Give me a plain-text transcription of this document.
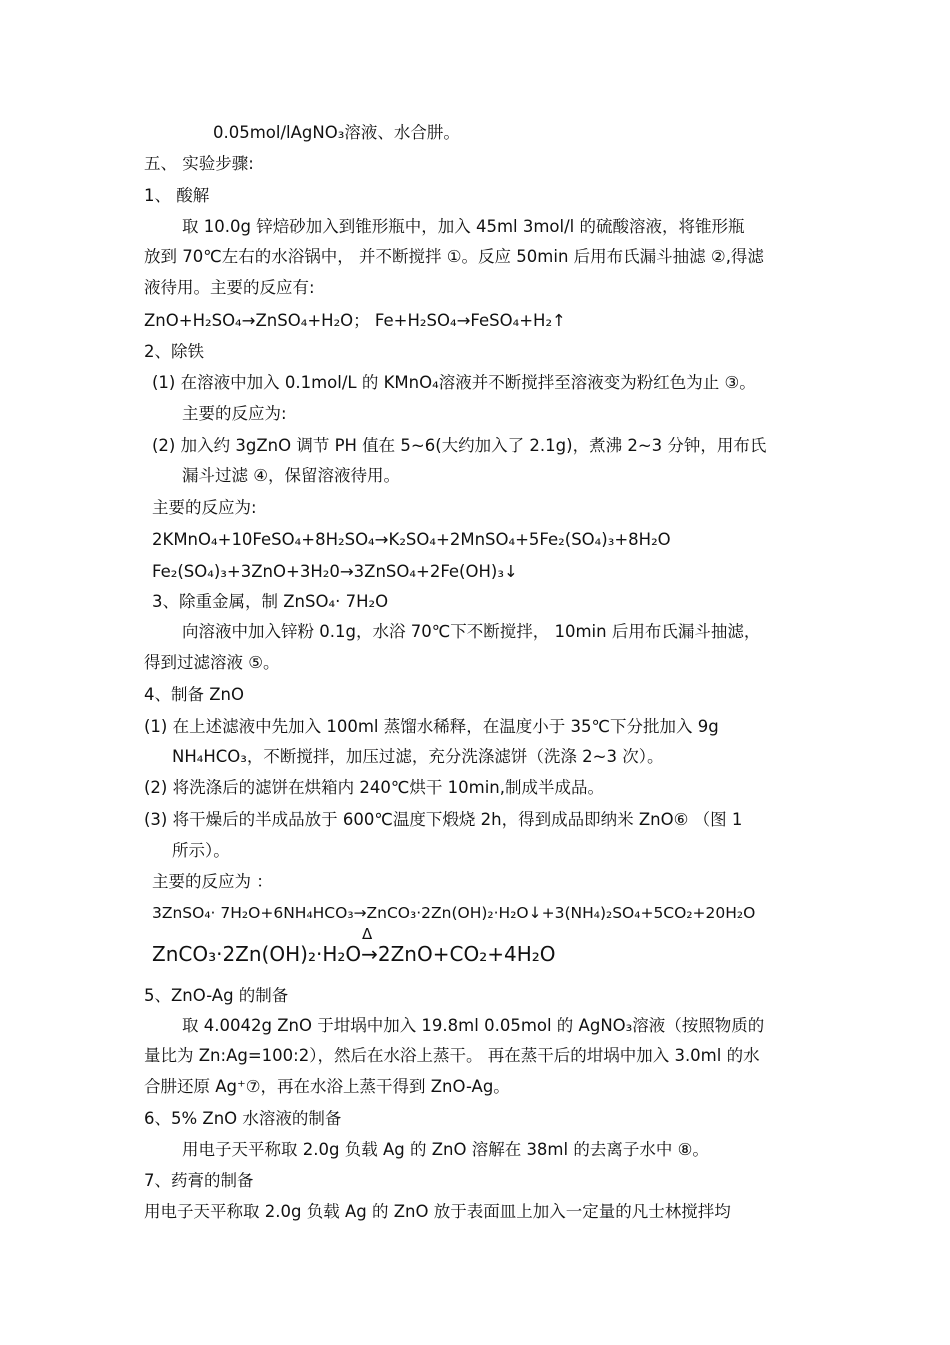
0.05mol/lAgNO₃溶液、水合肼。
五、 实验步骤:
1、 酸解
取 10.0g 锌焙砂加入到锥形瓶中，加入 45ml 3mol/l 的硫酸溶液，将锥形瓶
放到 70℃左右的水浴锅中， 并不断搅拌 ①。反应 50min 后用布氏漏斗抽滤 ②,得滤
液待用。主要的反应有:
ZnO+H₂SO₄→ZnSO₄+H₂O； Fe+H₂SO₄→FeSO₄+H₂↑
2、除铁
(1) 在溶液中加入 0.1mol/L 的 KMnO₄溶液并不断搅拌至溶液变为粉红色为止 ③。
主要的反应为:
(2) 加入约 3gZnO 调节 PH 值在 5~6(大约加入了 2.1g)，煮沸 2~3 分钟，用布氏
漏斗过滤 ④，保留溶液待用。
主要的反应为:
2KMnO₄+10FeSO₄+8H₂SO₄→K₂SO₄+2MnSO₄+5Fe₂(SO₄)₃+8H₂O
Fe₂(SO₄)₃+3ZnO+3H₂0→3ZnSO₄+2Fe(OH)₃↓
3、除重金属，制 ZnSO₄· 7H₂O
向溶液中加入锌粉 0.1g，水浴 70℃下不断搅拌， 10min 后用布氏漏斗抽滤，
得到过滤溶液 ⑤。
4、制备 ZnO
(1) 在上述滤液中先加入 100ml 蒸馏水稀释，在温度小于 35℃下分批加入 9g
NH₄HCO₃，不断搅拌，加压过滤，充分洗涤滤饼（洗涤 2~3 次）。
(2) 将洗涤后的滤饼在烘箱内 240℃烘干 10min,制成半成品。
(3) 将干燥后的半成品放于 600℃温度下煅烧 2h，得到成品即纳米 ZnO⑥ （图 1
所示）。
主要的反应为 ：
3ZnSO₄· 7H₂O+6NH₄HCO₃→ZnCO₃·2Zn(OH)₂·H₂O↓+3(NH₄)₂SO₄+5CO₂+20H₂O
Δ
ZnCO₃·2Zn(OH)₂·H₂O→2ZnO+CO₂+4H₂O
5、ZnO-Ag 的制备
取 4.0042g ZnO 于坩埚中加入 19.8ml 0.05mol 的 AgNO₃溶液（按照物质的
量比为 Zn:Ag=100:2），然后在水浴上蒸干。 再在蒸干后的坩埚中加入 3.0ml 的水
合肼还原 Ag⁺⑦，再在水浴上蒸干得到 ZnO-Ag。
6、5% ZnO 水溶液的制备
用电子天平称取 2.0g 负载 Ag 的 ZnO 溶解在 38ml 的去离子水中 ⑧。
7、药膏的制备
用电子天平称取 2.0g 负载 Ag 的 ZnO 放于表面皿上加入一定量的凡士林搅拌均
